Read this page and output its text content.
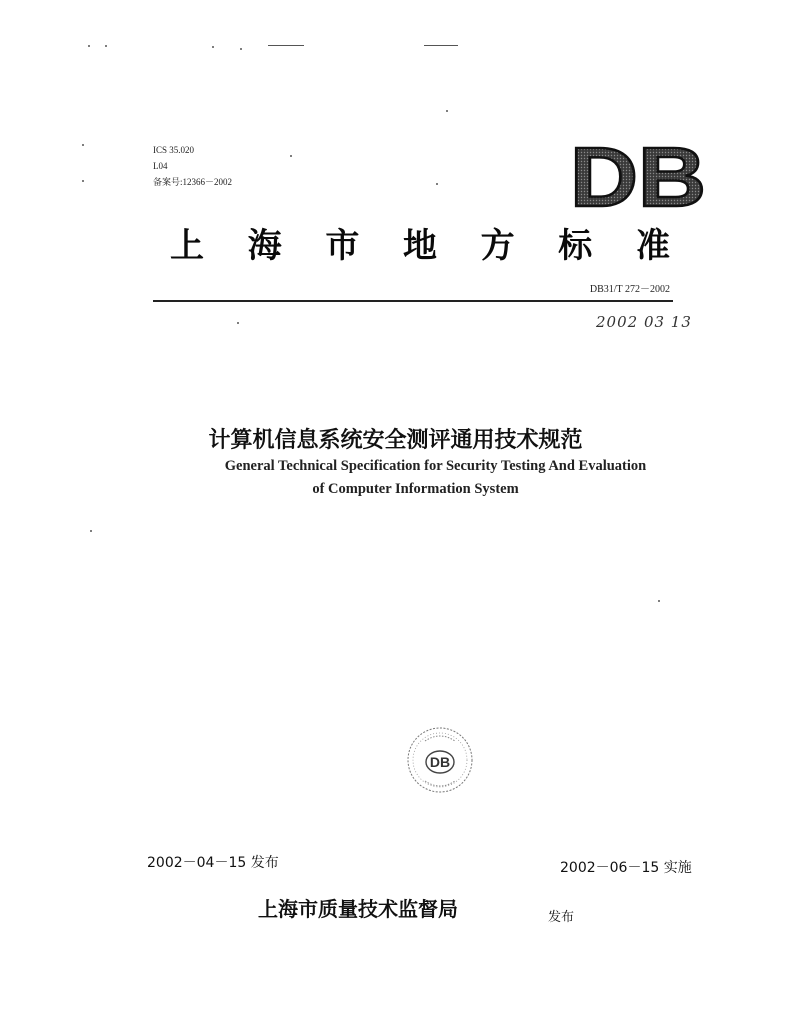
ICS 35.020
L04
备案号:12366－2002	DB
上 海 市 地 方 标 准
DB31/T 272－2002
2002 03 13
计算机信息系统安全测评通用技术规范
General Technical Specification for Security Testing And Evaluation
of Computer Information System
DB
2002－04－15 发布	2002－06－15 实施
上海市质量技术监督局	发布
